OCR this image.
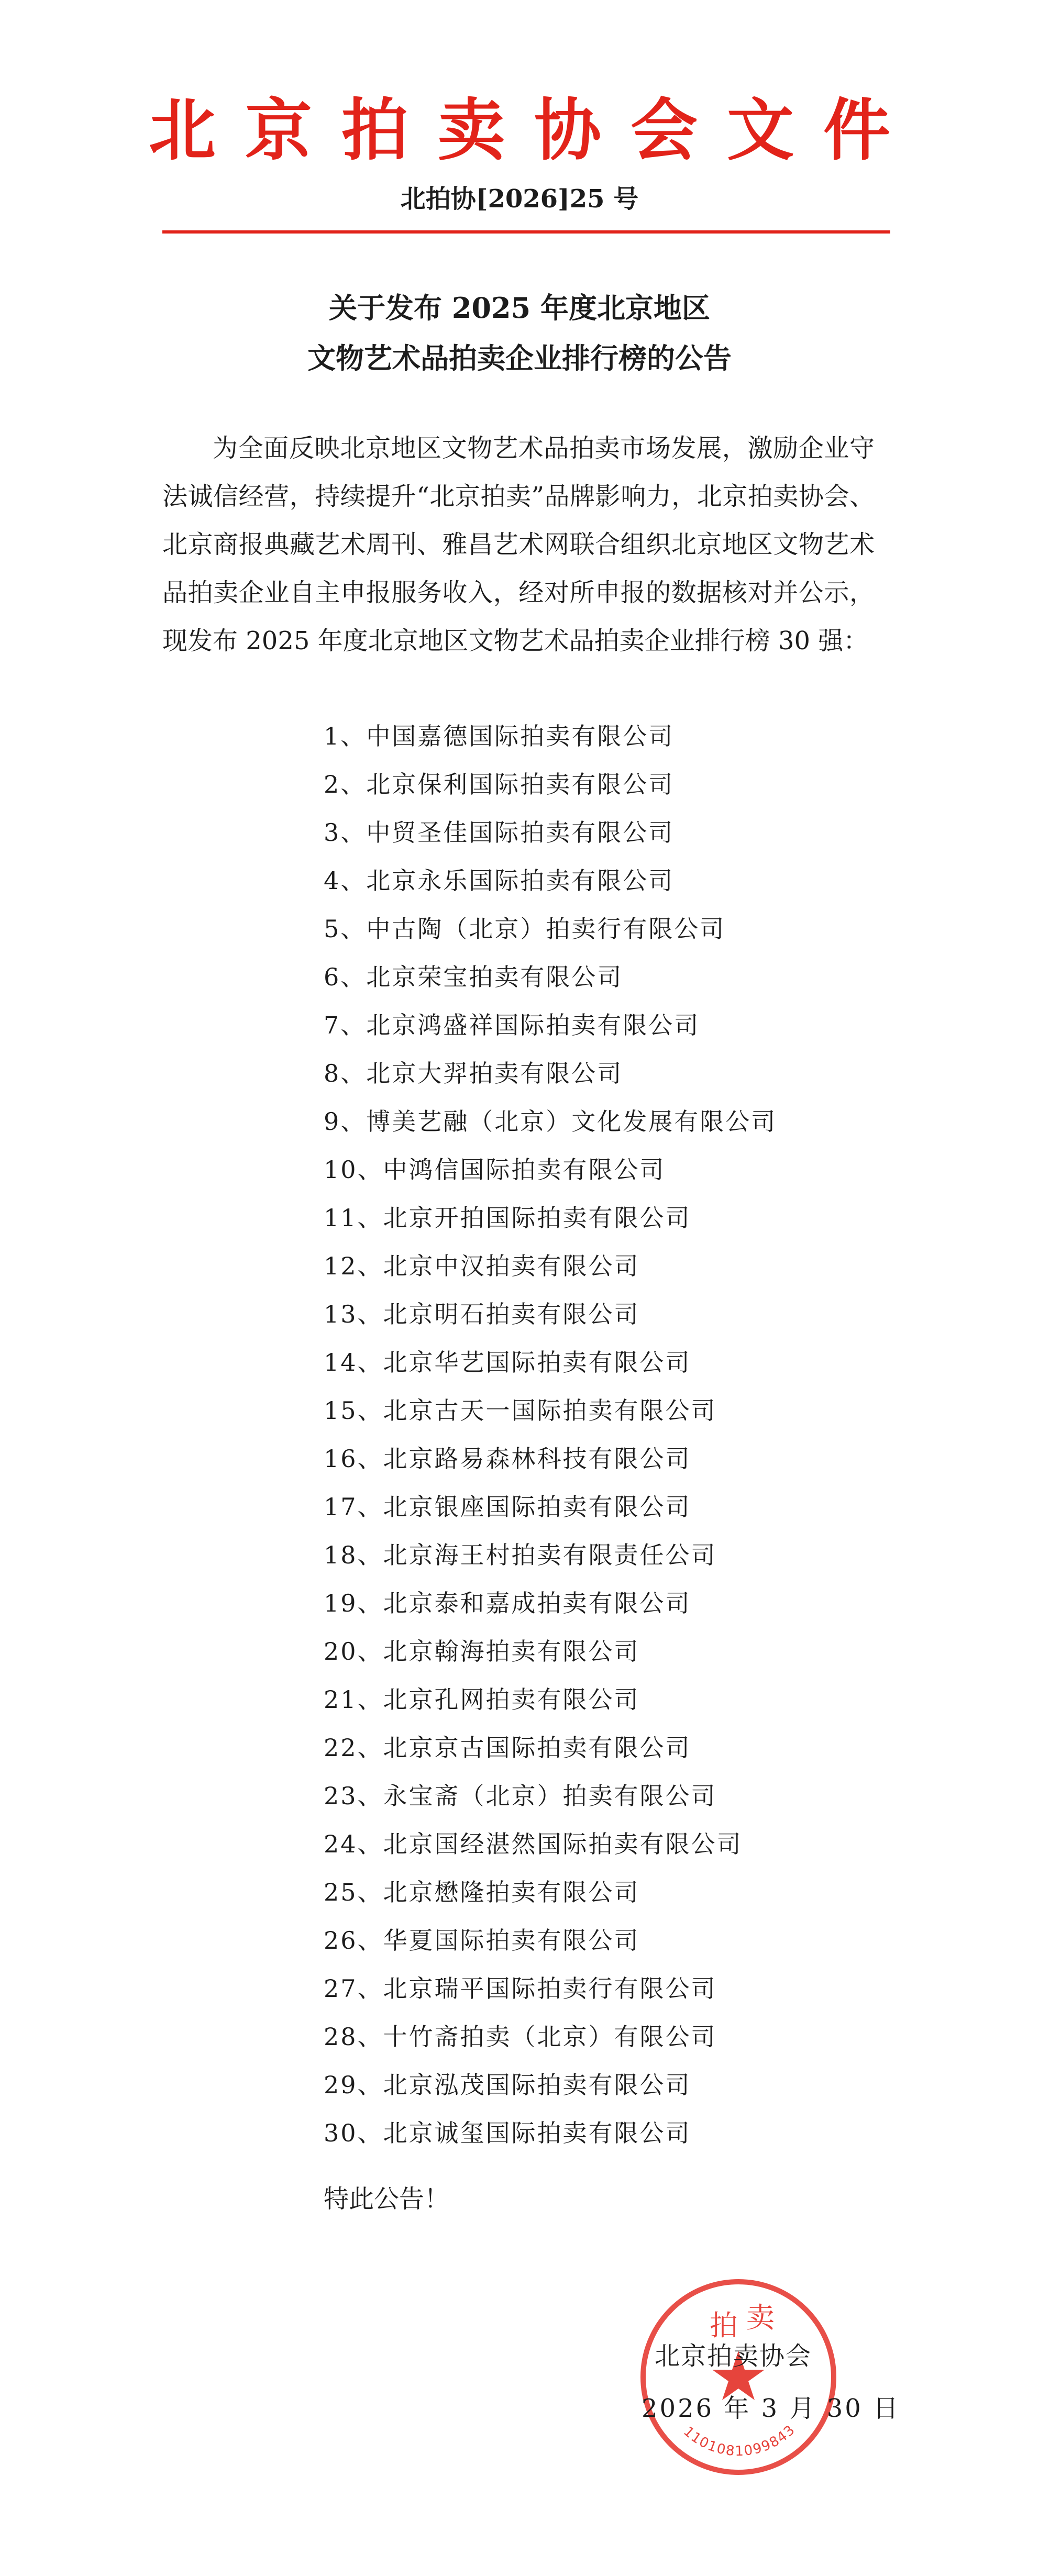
北京拍卖协会文件
北拍协[2026]25 号
关于发布 2025 年度北京地区
文物艺术品拍卖企业排行榜的公告

为全面反映北京地区文物艺术品拍卖市场发展，激励企业守法诚信经营，持续提升“北京拍卖”品牌影响力，北京拍卖协会、北京商报典藏艺术周刊、雅昌艺术网联合组织北京地区文物艺术品拍卖企业自主申报服务收入，经对所申报的数据核对并公示，现发布 2025 年度北京地区文物艺术品拍卖企业排行榜 30 强：

1、中国嘉德国际拍卖有限公司
2、北京保利国际拍卖有限公司
3、中贸圣佳国际拍卖有限公司
4、北京永乐国际拍卖有限公司
5、中古陶（北京）拍卖行有限公司
6、北京荣宝拍卖有限公司
7、北京鸿盛祥国际拍卖有限公司
8、北京大羿拍卖有限公司
9、博美艺融（北京）文化发展有限公司
10、中鸿信国际拍卖有限公司
11、北京开拍国际拍卖有限公司
12、北京中汉拍卖有限公司
13、北京明石拍卖有限公司
14、北京华艺国际拍卖有限公司
15、北京古天一国际拍卖有限公司
16、北京路易森林科技有限公司
17、北京银座国际拍卖有限公司
18、北京海王村拍卖有限责任公司
19、北京泰和嘉成拍卖有限公司
20、北京翰海拍卖有限公司
21、北京孔网拍卖有限公司
22、北京京古国际拍卖有限公司
23、永宝斋（北京）拍卖有限公司
24、北京国经湛然国际拍卖有限公司
25、北京懋隆拍卖有限公司
26、华夏国际拍卖有限公司
27、北京瑞平国际拍卖行有限公司
28、十竹斋拍卖（北京）有限公司
29、北京泓茂国际拍卖有限公司
30、北京诚玺国际拍卖有限公司
特此公告！
拍 卖
1101081099843
北京拍卖协会
2026 年 3 月 30 日
